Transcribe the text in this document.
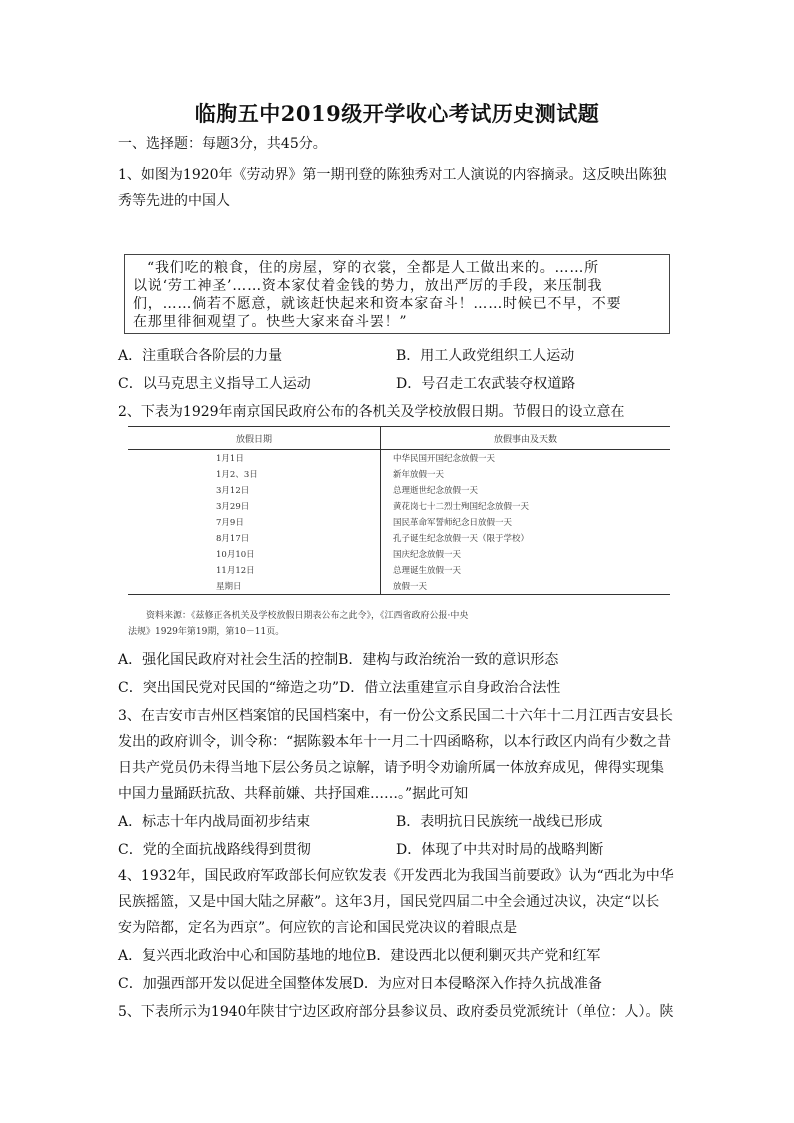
临朐五中2019级开学收心考试历史测试题
一、选择题：每题3分，共45分。
1、如图为1920年《劳动界》第一期刊登的陈独秀对工人演说的内容摘录。这反映出陈独
秀等先进的中国人
“我们吃的粮食，住的房屋，穿的衣裳，全都是人工做出来的。……所
以说‘劳工神圣’……资本家仗着金钱的势力，放出严厉的手段，来压制我
们，……倘若不愿意，就该赶快起来和资本家奋斗！……时候已不早，不要
在那里徘徊观望了。快些大家来奋斗罢！”
A．注重联合各阶层的力量	B．用工人政党组织工人运动
C．以马克思主义指导工人运动	D．号召走工农武装夺权道路
2、下表为1929年南京国民政府公布的各机关及学校放假日期。节假日的设立意在
放假日期	放假事由及天数
1月1日	中华民国开国纪念放假一天
1月2、3日	新年放假一天
3月12日	总理逝世纪念放假一天
3月29日	黄花岗七十二烈士殉国纪念放假一天
7月9日	国民革命军誓师纪念日放假一天
8月17日	孔子诞生纪念放假一天（限于学校）
10月10日	国庆纪念放假一天
11月12日	总理诞生放假一天
星期日	放假一天
资料来源：《兹修正各机关及学校放假日期表公布之此令》，《江西省政府公报·中央
法规》1929年第19期，第10－11页。
A．强化国民政府对社会生活的控制B．建构与政治统治一致的意识形态
C．突出国民党对民国的“缔造之功”D．借立法重建宣示自身政治合法性
3、在吉安市吉州区档案馆的民国档案中，有一份公文系民国二十六年十二月江西吉安县长
发出的政府训令，训令称：“据陈毅本年十一月二十四函略称，以本行政区内尚有少数之昔
日共产党员仍未得当地下层公务员之谅解，请予明令劝谕所属一体放弃成见，俾得实现集
中国力量踊跃抗敌、共释前嫌、共抒国难……。”据此可知
A．标志十年内战局面初步结束	B．表明抗日民族统一战线已形成
C．党的全面抗战路线得到贯彻	D．体现了中共对时局的战略判断
4、1932年，国民政府军政部长何应钦发表《开发西北为我国当前要政》认为“西北为中华
民族摇篮，又是中国大陆之屏蔽”。这年3月，国民党四届二中全会通过决议，决定“以长
安为陪都，定名为西京”。何应钦的言论和国民党决议的着眼点是
A．复兴西北政治中心和国防基地的地位B．建设西北以便利剿灭共产党和红军
C．加强西部开发以促进全国整体发展D．为应对日本侵略深入作持久抗战准备
5、下表所示为1940年陕甘宁边区政府部分县参议员、政府委员党派统计（单位：人）。陕
